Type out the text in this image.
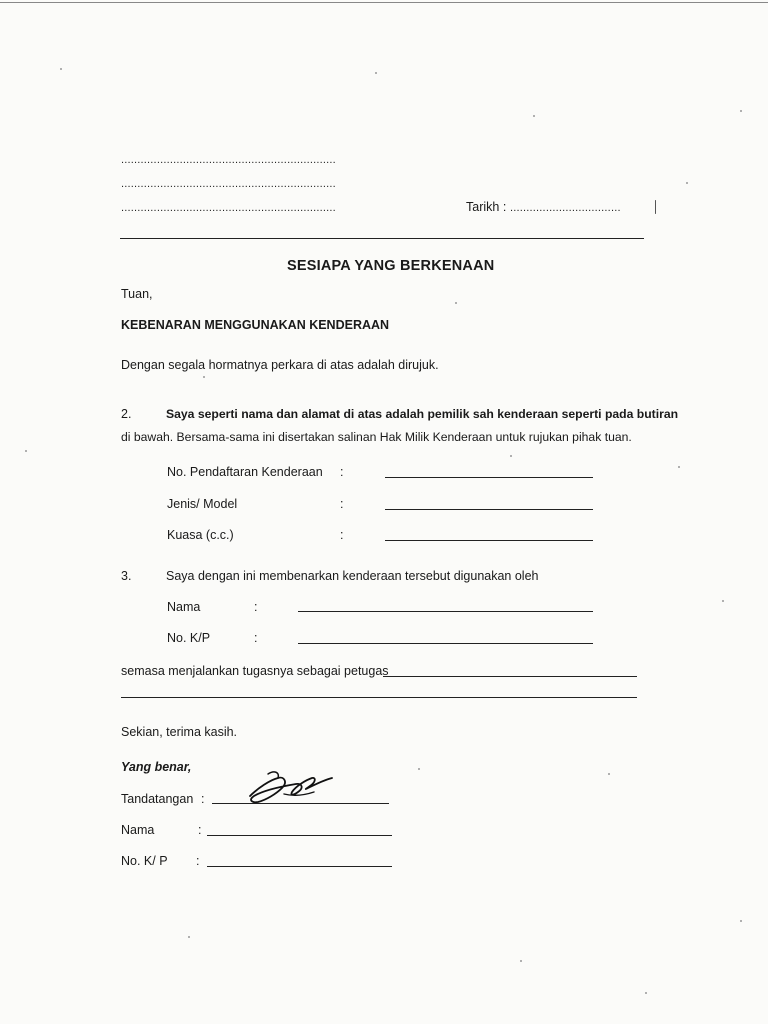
..................................................................
..................................................................
..................................................................	Tarikh : ..................................
SESIAPA YANG BERKENAAN
Tuan,
KEBENARAN MENGGUNAKAN KENDERAAN
Dengan segala hormatnya perkara di atas adalah dirujuk.
2.	Saya seperti nama dan alamat di atas adalah pemilik sah kenderaan seperti pada butiran
di bawah. Bersama-sama ini disertakan salinan Hak Milik Kenderaan untuk rujukan pihak tuan.
No. Pendaftaran Kenderaan :
Jenis/ Model	:
Kuasa (c.c.)	:
3.	Saya dengan ini membenarkan kenderaan tersebut digunakan oleh
Nama	:
No. K/P	:
semasa menjalankan tugasnya sebagai petugas
Sekian, terima kasih.
Yang benar,
Tandatangan :
Nama	:
No. K/ P :
